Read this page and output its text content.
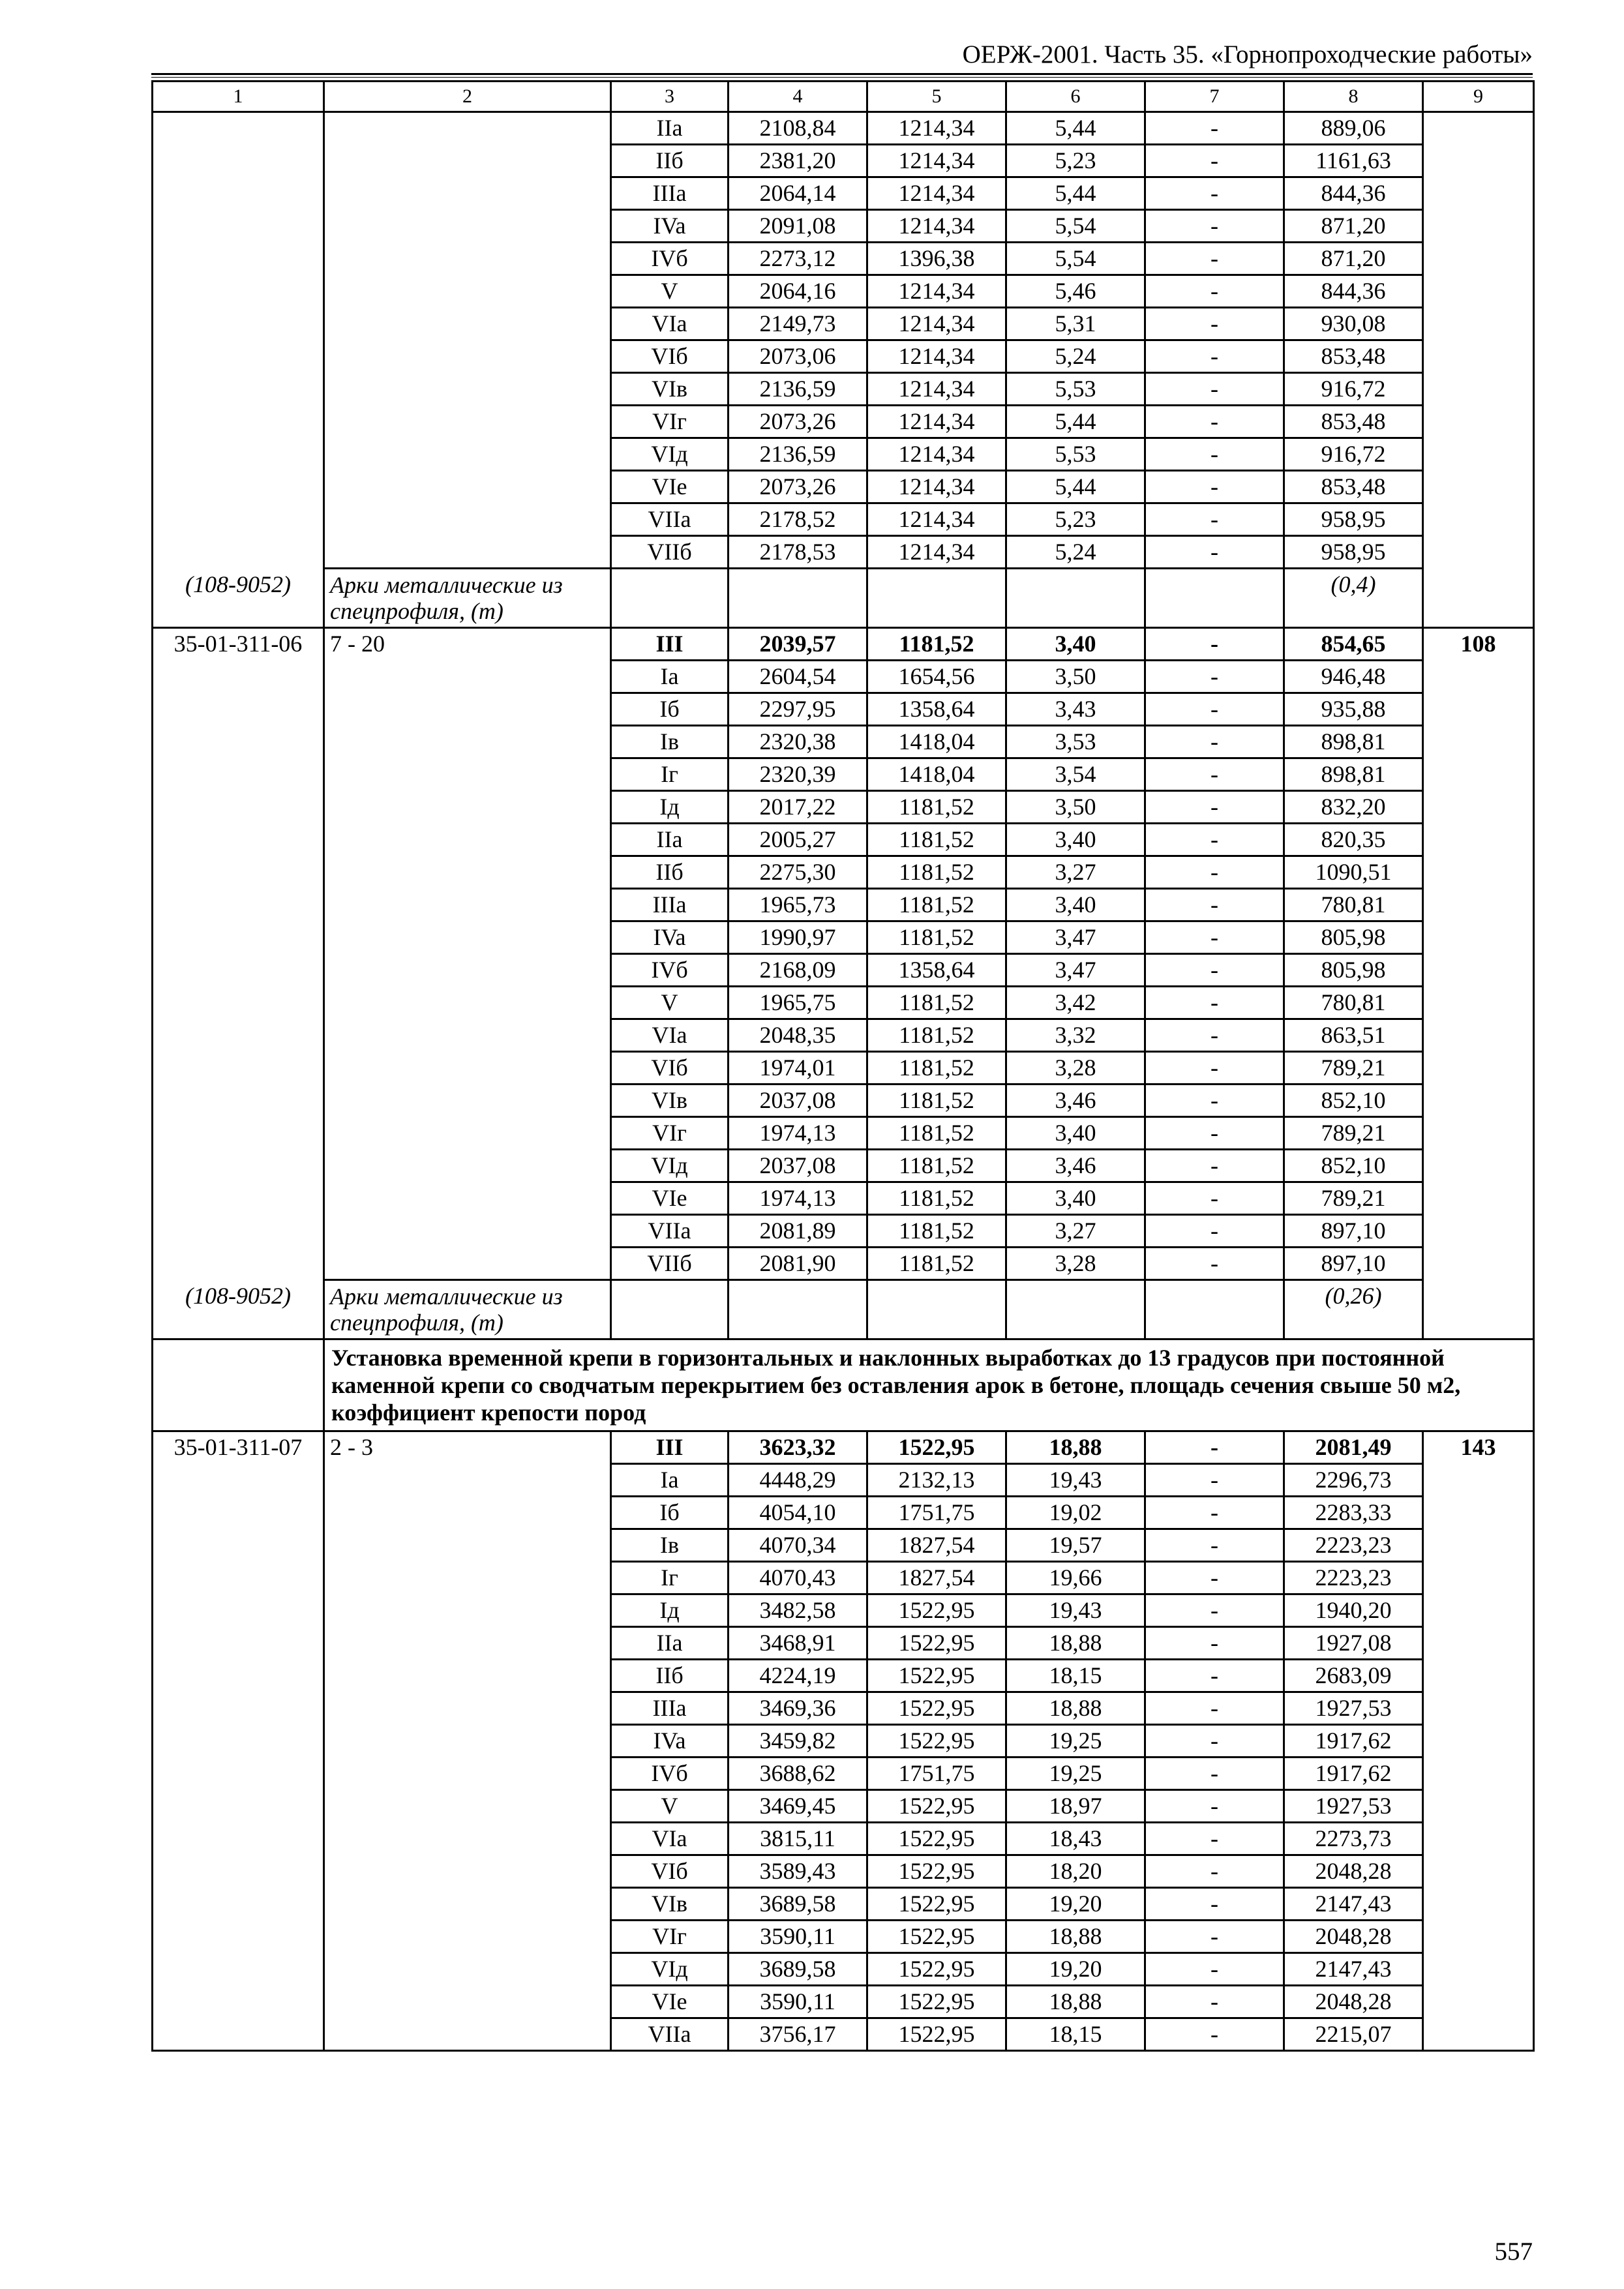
ОЕРЖ-2001. Часть 35. «Горнопроходческие работы»
1	2	3	4	5	6	7	8	9
		IIa	2108,84	1214,34	5,44	-	889,06	
		IIб	2381,20	1214,34	5,23	-	1161,63	
		IIIa	2064,14	1214,34	5,44	-	844,36	
		IVa	2091,08	1214,34	5,54	-	871,20	
		IVб	2273,12	1396,38	5,54	-	871,20	
		V	2064,16	1214,34	5,46	-	844,36	
		VIa	2149,73	1214,34	5,31	-	930,08	
		VIб	2073,06	1214,34	5,24	-	853,48	
		VIв	2136,59	1214,34	5,53	-	916,72	
		VIг	2073,26	1214,34	5,44	-	853,48	
		VIд	2136,59	1214,34	5,53	-	916,72	
		VIe	2073,26	1214,34	5,44	-	853,48	
		VIIa	2178,52	1214,34	5,23	-	958,95	
		VIIб	2178,53	1214,34	5,24	-	958,95	
(108-9052)	Арки металлические из спецпрофиля, (т)						(0,4)	
35-01-311-06	7 - 20	III	2039,57	1181,52	3,40	-	854,65	108
		Ia	2604,54	1654,56	3,50	-	946,48	
		Iб	2297,95	1358,64	3,43	-	935,88	
		Iв	2320,38	1418,04	3,53	-	898,81	
		Iг	2320,39	1418,04	3,54	-	898,81	
		Iд	2017,22	1181,52	3,50	-	832,20	
		IIa	2005,27	1181,52	3,40	-	820,35	
		IIб	2275,30	1181,52	3,27	-	1090,51	
		IIIa	1965,73	1181,52	3,40	-	780,81	
		IVa	1990,97	1181,52	3,47	-	805,98	
		IVб	2168,09	1358,64	3,47	-	805,98	
		V	1965,75	1181,52	3,42	-	780,81	
		VIa	2048,35	1181,52	3,32	-	863,51	
		VIб	1974,01	1181,52	3,28	-	789,21	
		VIв	2037,08	1181,52	3,46	-	852,10	
		VIг	1974,13	1181,52	3,40	-	789,21	
		VIд	2037,08	1181,52	3,46	-	852,10	
		VIe	1974,13	1181,52	3,40	-	789,21	
		VIIa	2081,89	1181,52	3,27	-	897,10	
		VIIб	2081,90	1181,52	3,28	-	897,10	
(108-9052)	Арки металлические из спецпрофиля, (т)						(0,26)	
	Установка временной крепи в горизонтальных и наклонных выработках до 13 градусов при постоянной каменной крепи со сводчатым перекрытием без оставления арок в бетоне, площадь сечения свыше 50 м2, коэффициент крепости пород							
35-01-311-07	2 - 3	III	3623,32	1522,95	18,88	-	2081,49	143
		Ia	4448,29	2132,13	19,43	-	2296,73	
		Iб	4054,10	1751,75	19,02	-	2283,33	
		Iв	4070,34	1827,54	19,57	-	2223,23	
		Iг	4070,43	1827,54	19,66	-	2223,23	
		Iд	3482,58	1522,95	19,43	-	1940,20	
		IIa	3468,91	1522,95	18,88	-	1927,08	
		IIб	4224,19	1522,95	18,15	-	2683,09	
		IIIa	3469,36	1522,95	18,88	-	1927,53	
		IVa	3459,82	1522,95	19,25	-	1917,62	
		IVб	3688,62	1751,75	19,25	-	1917,62	
		V	3469,45	1522,95	18,97	-	1927,53	
		VIa	3815,11	1522,95	18,43	-	2273,73	
		VIб	3589,43	1522,95	18,20	-	2048,28	
		VIв	3689,58	1522,95	19,20	-	2147,43	
		VIг	3590,11	1522,95	18,88	-	2048,28	
		VIд	3689,58	1522,95	19,20	-	2147,43	
		VIe	3590,11	1522,95	18,88	-	2048,28	
		VIIa	3756,17	1522,95	18,15	-	2215,07	
557
